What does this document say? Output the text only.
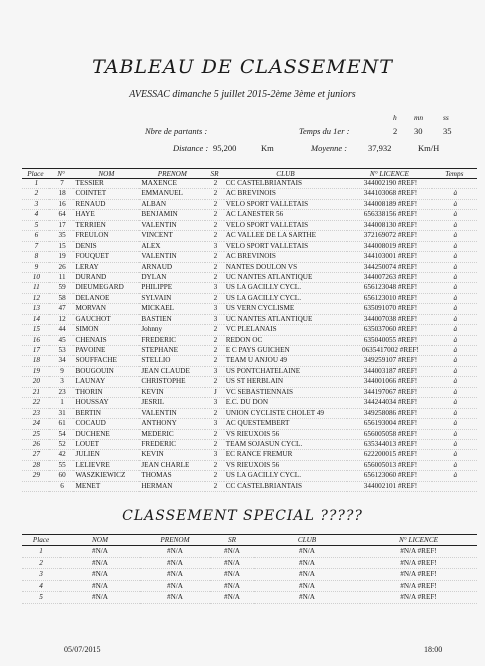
TABLEAU DE CLASSEMENT
AVESSAC dimanche 5 juillet 2015-2ème 3ème et juniors
h mn	ss
Nbre de partants :	Temps du 1er :	2 30 35
Distance : 95,200	Km	Moyenne : 37,932	Km/H
Place	N°	NOM	PRENOM	SR	CLUB	N° LICENCE	Temps
1	7	TESSIER	MAXENCE	2	CC CASTELBRIANTAIS	344002190 #REF!	
2	18	COINTET	EMMANUEL	2	AC BREVINOIS	344103068 #REF!	à
3	16	RENAUD	ALBAN	2	VELO SPORT VALLETAIS	344008189 #REF!	à
4	64	HAYE	BENJAMIN	2	AC LANESTER 56	656338156 #REF!	à
5	17	TERRIEN	VALENTIN	2	VELO SPORT VALLETAIS	344008130 #REF!	à
6	35	FREULON	VINCENT	2	AC VALLEE DE LA SARTHE	372169072 #REF!	à
7	15	DENIS	ALEX	3	VELO SPORT VALLETAIS	344008019 #REF!	à
8	19	FOUQUET	VALENTIN	2	AC BREVINOIS	344103001 #REF!	à
9	26	LERAY	ARNAUD	2	NANTES DOULON VS	344250074 #REF!	à
10	11	DURAND	DYLAN	2	UC NANTES ATLANTIQUE	344007263 #REF!	à
11	59	DIEUMEGARD	PHILIPPE	3	US LA GACILLY CYCL.	656123048 #REF!	à
12	58	DELANOE	SYLVAIN	2	US LA GACILLY CYCL.	656123010 #REF!	à
13	47	MORVAN	MICKAEL	3	US VERN CYCLISME	635091070 #REF!	à
14	12	GAUCHOT	BASTIEN	3	UC NANTES ATLANTIQUE	344007038 #REF!	à
15	44	SIMON	Johnny	2	VC PLELANAIS	635037060 #REF!	à
16	45	CHENAIS	FREDERIC	2	REDON OC	635040055 #REF!	à
17	53	PAVOINE	STEPHANE	2	E C PAYS GUICHEN	0635417002 #REF!	à
18	34	SOUFFACHE	STELLIO	2	TEAM U ANJOU 49	349259107 #REF!	à
19	9	BOUGOUIN	JEAN CLAUDE	3	US PONTCHATELAINE	344003187 #REF!	à
20	3	LAUNAY	CHRISTOPHE	2	US ST HERBLAIN	344001066 #REF!	à
21	23	THORIN	KEVIN	J	VC SEBASTIENNAIS	344197067 #REF!	à
22	1	HOUSSAY	JESRIL	3	E.C. DU DON	344244034 #REF!	à
23	31	BERTIN	VALENTIN	2	UNION CYCLISTE CHOLET 49	349258086 #REF!	à
24	61	COCAUD	ANTHONY	3	AC QUESTEMBERT	656193004 #REF!	à
25	54	DUCHENE	MEDERIC	2	VS RIEUXOIS 56	656005058 #REF!	à
26	52	LOUET	FREDERIC	2	TEAM SOJASUN CYCL.	635344013 #REF!	à
27	42	JULIEN	KEVIN	3	EC RANCE FREMUR	622200015 #REF!	à
28	55	LELIEVRE	JEAN CHARLE	2	VS RIEUXOIS 56	656005013 #REF!	à
29	60	WASZKIEWICZ	THOMAS	2	US LA GACILLY CYCL.	656123060 #REF!	à
	6	MENET	HERMAN	2	CC CASTELBRIANTAIS	344002101 #REF!	
CLASSEMENT SPECIAL ?????
Place	NOM	PRENOM	SR	CLUB	N° LICENCE
1	#N/A	#N/A	#N/A	#N/A	#N/A #REF!
2	#N/A	#N/A	#N/A	#N/A	#N/A #REF!
3	#N/A	#N/A	#N/A	#N/A	#N/A #REF!
4	#N/A	#N/A	#N/A	#N/A	#N/A #REF!
5	#N/A	#N/A	#N/A	#N/A	#N/A #REF!
05/07/2015	18:00
